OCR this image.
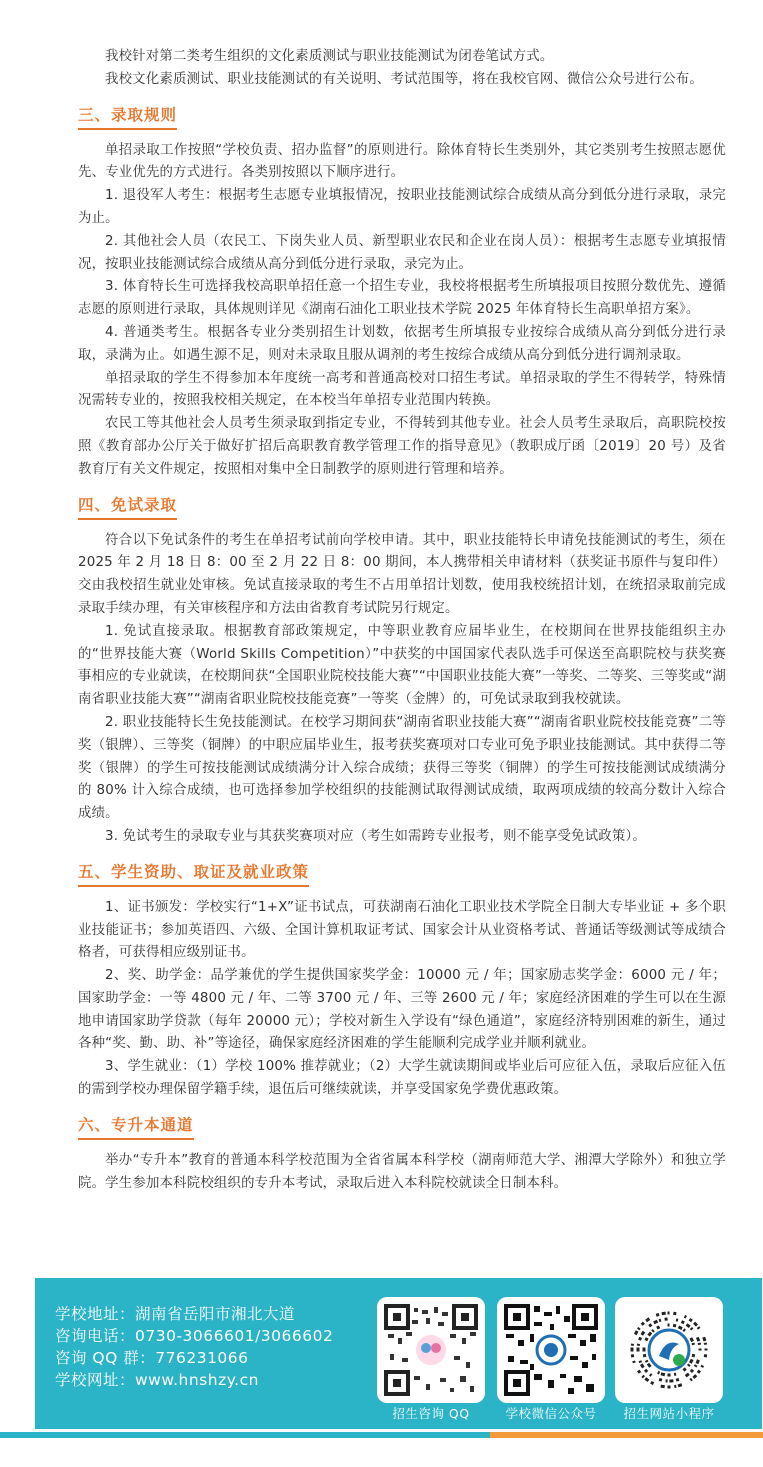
我校针对第二类考生组织的文化素质测试与职业技能测试为闭卷笔试方式。

我校文化素质测试、职业技能测试的有关说明、考试范围等，将在我校官网、微信公众号进行公布。

三、录取规则

单招录取工作按照“学校负责、招办监督”的原则进行。除体育特长生类别外，其它类别考生按照志愿优先、专业优先的方式进行。各类别按照以下顺序进行。

1. 退役军人考生：根据考生志愿专业填报情况，按职业技能测试综合成绩从高分到低分进行录取，录完为止。

2. 其他社会人员（农民工、下岗失业人员、新型职业农民和企业在岗人员）：根据考生志愿专业填报情况，按职业技能测试综合成绩从高分到低分进行录取，录完为止。

3. 体育特长生可选择我校高职单招任意一个招生专业，我校将根据考生所填报项目按照分数优先、遵循志愿的原则进行录取，具体规则详见《湖南石油化工职业技术学院 2025 年体育特长生高职单招方案》。

4. 普通类考生。根据各专业分类别招生计划数，依据考生所填报专业按综合成绩从高分到低分进行录取，录满为止。如遇生源不足，则对未录取且服从调剂的考生按综合成绩从高分到低分进行调剂录取。

单招录取的学生不得参加本年度统一高考和普通高校对口招生考试。单招录取的学生不得转学，特殊情况需转专业的，按照我校相关规定，在本校当年单招专业范围内转换。

农民工等其他社会人员考生须录取到指定专业，不得转到其他专业。社会人员考生录取后，高职院校按照《教育部办公厅关于做好扩招后高职教育教学管理工作的指导意见》（教职成厅函〔2019〕20 号）及省教育厅有关文件规定，按照相对集中全日制教学的原则进行管理和培养。

四、免试录取

符合以下免试条件的考生在单招考试前向学校申请。其中，职业技能特长申请免技能测试的考生，须在 2025 年 2 月 18 日 8：00 至 2 月 22 日 8：00 期间，本人携带相关申请材料（获奖证书原件与复印件）交由我校招生就业处审核。免试直接录取的考生不占用单招计划数，使用我校统招计划，在统招录取前完成录取手续办理，有关审核程序和方法由省教育考试院另行规定。

1. 免试直接录取。根据教育部政策规定，中等职业教育应届毕业生，在校期间在世界技能组织主办的“世界技能大赛（World Skills Competition）”中获奖的中国国家代表队选手可保送至高职院校与获奖赛事相应的专业就读，在校期间获“全国职业院校技能大赛”“中国职业技能大赛”一等奖、二等奖、三等奖或“湖南省职业技能大赛”“湖南省职业院校技能竞赛”一等奖（金牌）的，可免试录取到我校就读。

2. 职业技能特长生免技能测试。在校学习期间获“湖南省职业技能大赛”“湖南省职业院校技能竞赛”二等奖（银牌）、三等奖（铜牌）的中职应届毕业生，报考获奖赛项对口专业可免予职业技能测试。其中获得二等奖（银牌）的学生可按技能测试成绩满分计入综合成绩；获得三等奖（铜牌）的学生可按技能测试成绩满分的 80% 计入综合成绩，也可选择参加学校组织的技能测试取得测试成绩，取两项成绩的较高分数计入综合成绩。

3. 免试考生的录取专业与其获奖赛项对应（考生如需跨专业报考，则不能享受免试政策）。

五、学生资助、取证及就业政策

1、证书颁发：学校实行“1+X”证书试点，可获湖南石油化工职业技术学院全日制大专毕业证 + 多个职业技能证书；参加英语四、六级、全国计算机取证考试、国家会计从业资格考试、普通话等级测试等成绩合格者，可获得相应级别证书。

2、奖、助学金：品学兼优的学生提供国家奖学金：10000 元 / 年；国家励志奖学金：6000 元 / 年；国家助学金：一等 4800 元 / 年、二等 3700 元 / 年、三等 2600 元 / 年；家庭经济困难的学生可以在生源地申请国家助学贷款（每年 20000 元）；学校对新生入学设有“绿色通道”，家庭经济特别困难的新生，通过各种“奖、勤、助、补”等途径，确保家庭经济困难的学生能顺利完成学业并顺利就业。

3、学生就业：（1）学校 100% 推荐就业；（2）大学生就读期间或毕业后可应征入伍，录取后应征入伍的需到学校办理保留学籍手续，退伍后可继续就读，并享受国家免学费优惠政策。

六、专升本通道

举办“专升本”教育的普通本科学校范围为全省省属本科学校（湖南师范大学、湘潭大学除外）和独立学院。学生参加本科院校组织的专升本考试，录取后进入本科院校就读全日制本科。

学校地址：湖南省岳阳市湘北大道
咨询电话：0730-3066601/3066602
咨询 QQ 群：776231066
学校网址：www.hnshzy.cn
招生咨询 QQ	学校微信公众号	招生网站小程序
